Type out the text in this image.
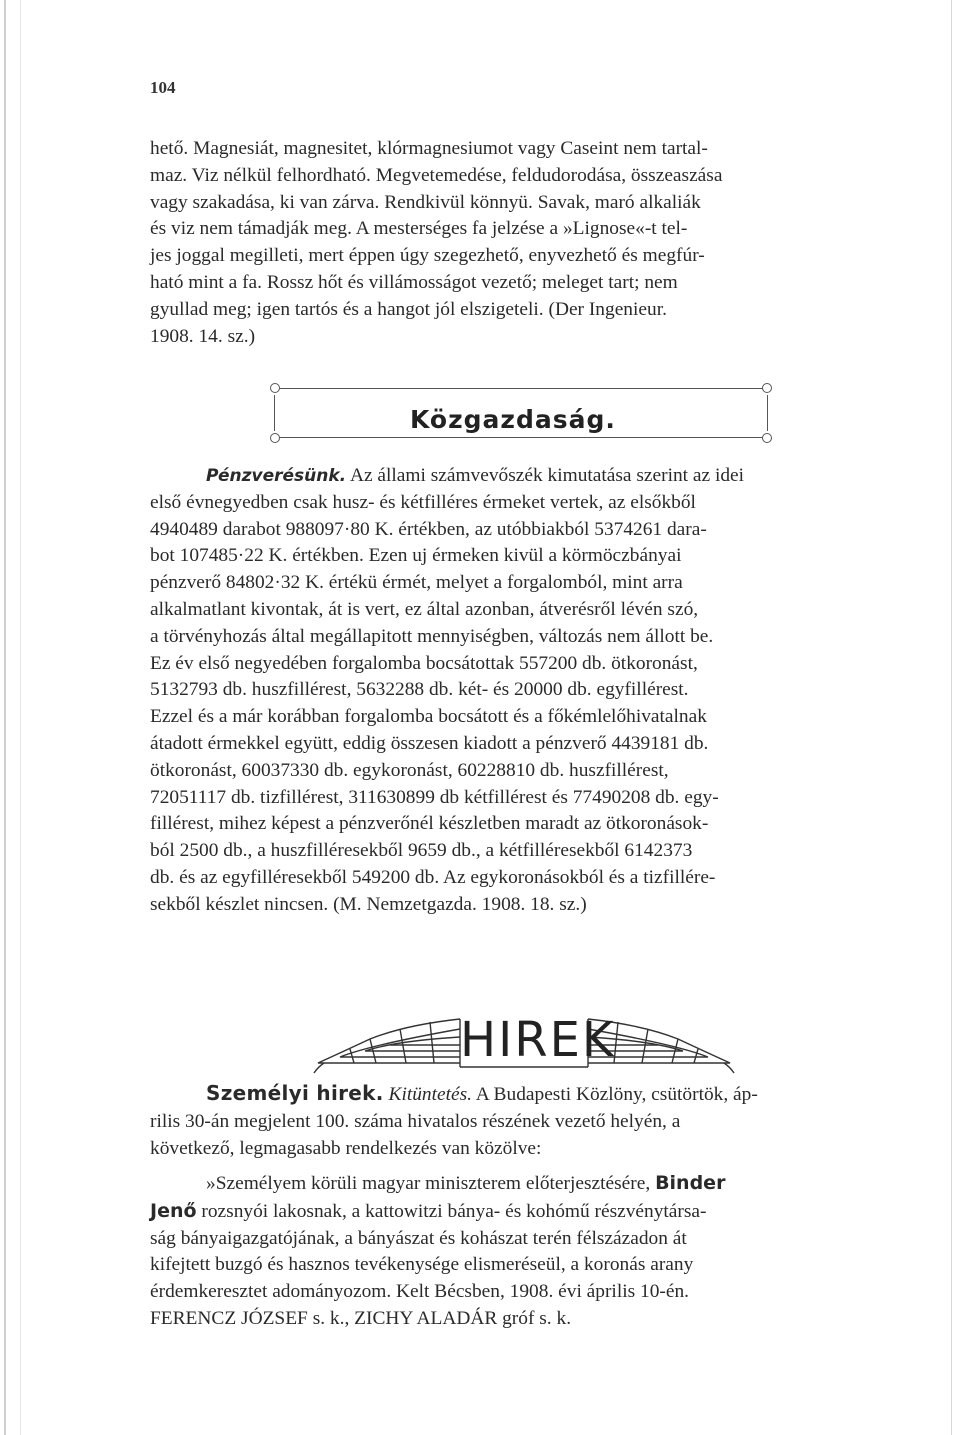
104

hető. Magnesiát, magnesitet, klórmagnesiumot vagy Caseint nem tartal-

maz. Viz nélkül felhordható. Megvetemedése, feldudorodása, összeaszása

vagy szakadása, ki van zárva. Rendkivül könnyü. Savak, maró alkaliák

és viz nem támadják meg. A mesterséges fa jelzése a »Lignose«-t tel-

jes joggal megilleti, mert éppen úgy szegezhető, enyvezhető és megfúr-

ható mint a fa. Rossz hőt és villámosságot vezető; meleget tart; nem

gyullad meg; igen tartós és a hangot jól elszigeteli. (Der Ingenieur.

1908. 14. sz.)

Közgazdaság.

Pénzverésünk. Az állami számvevőszék kimutatása szerint az idei

első évnegyedben csak husz- és kétfilléres érmeket vertek, az elsőkből

4940489 darabot 988097·80 K. értékben, az utóbbiakból 5374261 dara-

bot 107485·22 K. értékben. Ezen uj érmeken kivül a körmöczbányai

pénzverő 84802·32 K. értékü érmét, melyet a forgalomból, mint arra

alkalmatlant kivontak, át is vert, ez által azonban, átverésről lévén szó,

a törvényhozás által megállapitott mennyiségben, változás nem állott be.

Ez év első negyedében forgalomba bocsátottak 557200 db. ötkoronást,

5132793 db. huszfillérest, 5632288 db. két- és 20000 db. egyfillérest.

Ezzel és a már korábban forgalomba bocsátott és a főkémlelőhivatalnak

átadott érmekkel együtt, eddig összesen kiadott a pénzverő 4439181 db.

ötkoronást, 60037330 db. egykoronást, 60228810 db. huszfillérest,

72051117 db. tizfillérest, 311630899 db kétfillérest és 77490208 db. egy-

fillérest, mihez képest a pénzverőnél készletben maradt az ötkoronások-

ból 2500 db., a huszfilléresekből 9659 db., a kétfilléresekből 6142373

db. és az egyfilléresekből 549200 db. Az egykoronásokból és a tizfillére-

sekből készlet nincsen. (M. Nemzetgazda. 1908. 18. sz.)

HIREK

Személyi hirek. Kitüntetés. A Budapesti Közlöny, csütörtök, áp-

rilis 30-án megjelent 100. száma hivatalos részének vezető helyén, a

következő, legmagasabb rendelkezés van közölve:

»Személyem körüli magyar miniszterem előterjesztésére, Binder

Jenő rozsnyói lakosnak, a kattowitzi bánya- és kohómű részvénytársa-

ság bányaigazgatójának, a bányászat és kohászat terén félszázadon át

kifejtett buzgó és hasznos tevékenysége elismeréseül, a koronás arany

érdemkeresztet adományozom. Kelt Bécsben, 1908. évi április 10-én.

FERENCZ JÓZSEF s. k., ZICHY ALADÁR gróf s. k.
